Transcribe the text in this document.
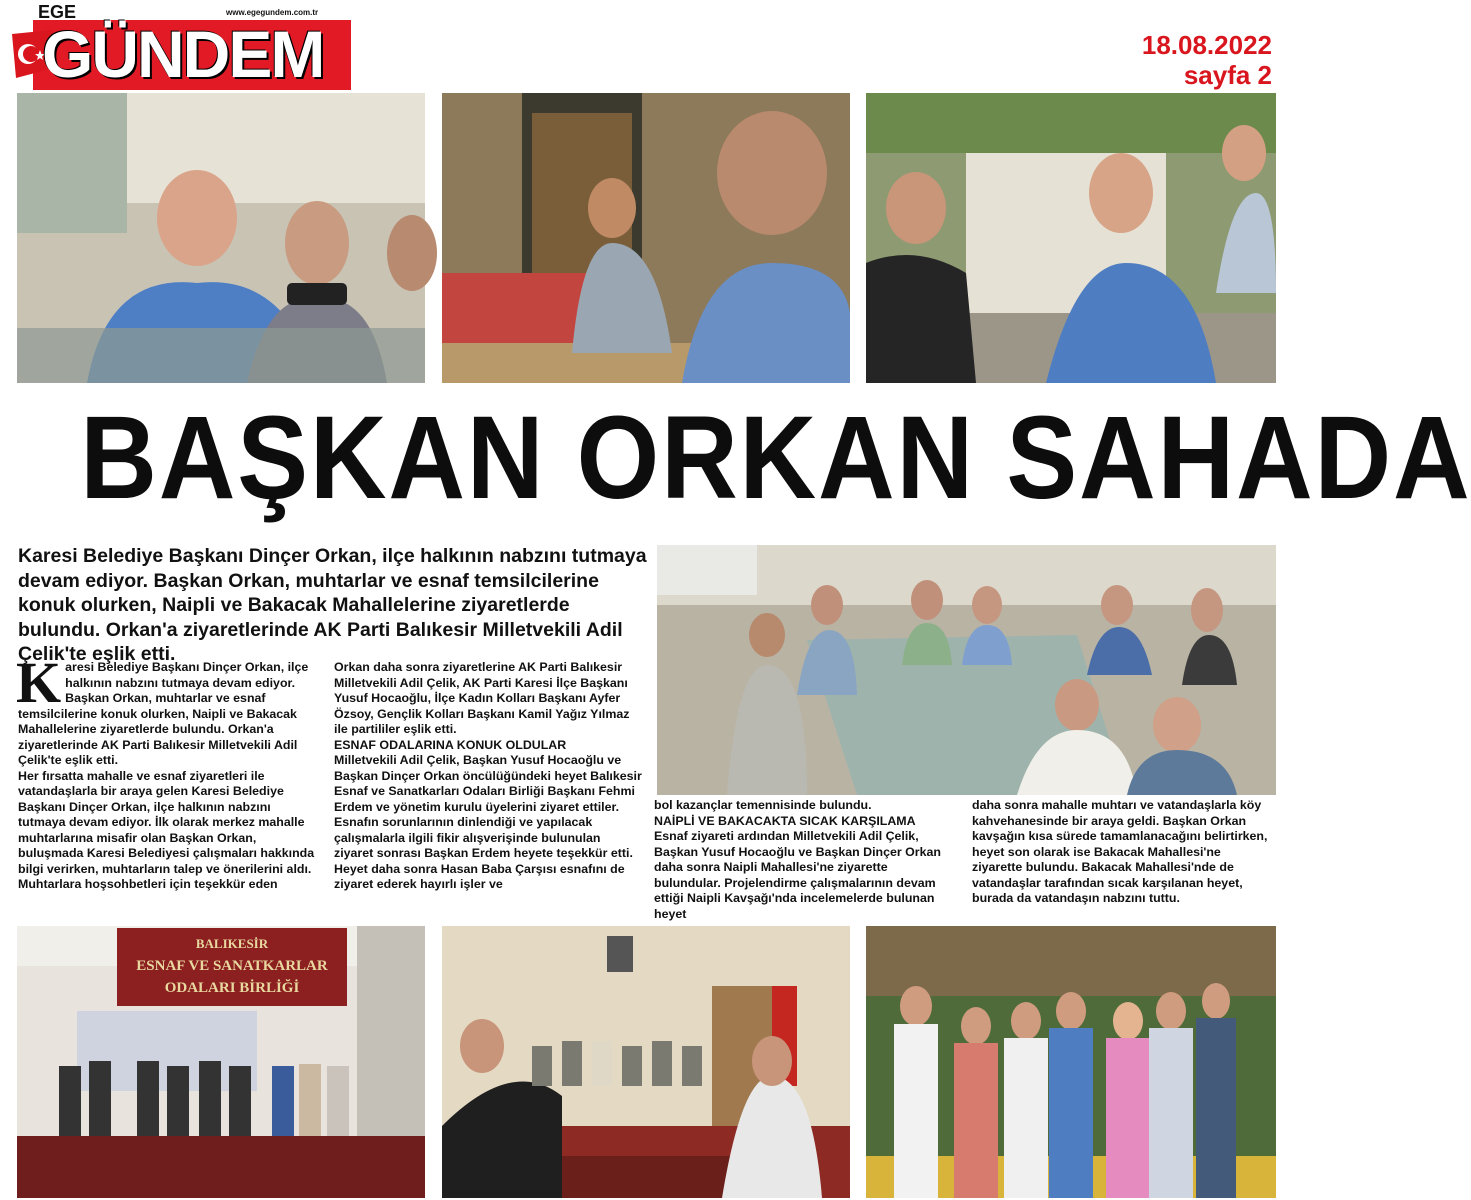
EGE	www.egegundem.com.tr
GÜNDEM	18.08.2022
sayfa 2
BAŞKAN ORKAN SAHADA
Karesi Belediye Başkanı Dinçer Orkan, ilçe halkının nabzını tutmaya devam ediyor. Başkan Orkan, muhtarlar ve esnaf temsilcilerine konuk olurken, Naipli ve Bakacak Mahallelerine ziyaretlerde bulundu. Orkan'a ziyaretlerinde AK Parti Balıkesir Milletvekili Adil Çelik'te eşlik etti.

Karesi Belediye Başkanı Dinçer Orkan, ilçe halkının nabzını tutmaya devam ediyor. Başkan Orkan, muhtarlar ve esnaf temsilcilerine konuk olurken, Naipli ve Bakacak Mahallelerine ziyaretlerde bulundu. Orkan'a ziyaretlerinde AK Parti Balıkesir Milletvekili Adil Çelik'te eşlik etti.

Her fırsatta mahalle ve esnaf ziyaretleri ile vatandaşlarla bir araya gelen Karesi Belediye Başkanı Dinçer Orkan, ilçe halkının nabzını tutmaya devam ediyor. İlk olarak merkez mahalle muhtarlarına misafir olan Başkan Orkan, buluşmada Karesi Belediyesi çalışmaları hakkında bilgi verirken, muhtarların talep ve önerilerini aldı. Muhtarlara hoşsohbetleri için teşekkür eden

Orkan daha sonra ziyaretlerine AK Parti Balıkesir Milletvekili Adil Çelik, AK Parti Karesi İlçe Başkanı Yusuf Hocaoğlu, İlçe Kadın Kolları Başkanı Ayfer Özsoy, Gençlik Kolları Başkanı Kamil Yağız Yılmaz ile partililer eşlik etti.

ESNAF ODALARINA KONUK OLDULAR

Milletvekili Adil Çelik, Başkan Yusuf Hocaoğlu ve Başkan Dinçer Orkan öncülüğündeki heyet Balıkesir Esnaf ve Sanatkarları Odaları Birliği Başkanı Fehmi Erdem ve yönetim kurulu üyelerini ziyaret ettiler. Esnafın sorunlarının dinlendiği ve yapılacak çalışmalarla ilgili fikir alışverişinde bulunulan ziyaret sonrası Başkan Erdem heyete teşekkür etti. Heyet daha sonra Hasan Baba Çarşısı esnafını de ziyaret ederek hayırlı işler ve

bol kazançlar temennisinde bulundu.

NAİPLİ VE BAKACAKTA SICAK KARŞILAMA

Esnaf ziyareti ardından Milletvekili Adil Çelik, Başkan Yusuf Hocaoğlu ve Başkan Dinçer Orkan daha sonra Naipli Mahallesi'ne ziyarette bulundular. Projelendirme çalışmalarının devam ettiği Naipli Kavşağı'nda incelemelerde bulunan heyet

daha sonra mahalle muhtarı ve vatandaşlarla köy kahvehanesinde bir araya geldi. Başkan Orkan kavşağın kısa sürede tamamlanacağını belirtirken, heyet son olarak ise Bakacak Mahallesi'ne ziyarette bulundu. Bakacak Mahallesi'nde de vatandaşlar tarafından sıcak karşılanan heyet, burada da vatandaşın nabzını tuttu.

BALIKESİR
ESNAF VE SANATKARLAR
ODALARI BİRLİĞİ
